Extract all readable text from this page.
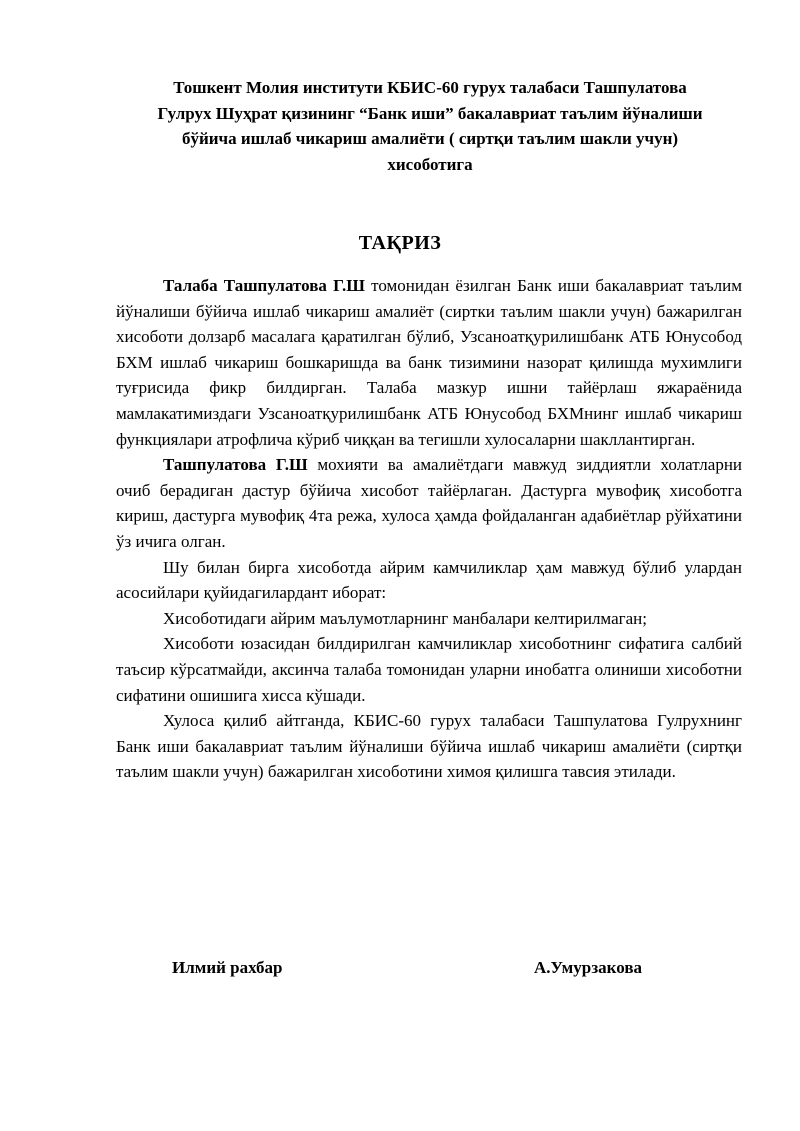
Тошкент Молия институти КБИС-60 гурух талабаси Ташпулатова
Гулрух Шуҳрат қизининг “Банк иши” бакалавриат таълим йўналиши
бўйича ишлаб чикариш амалиёти ( сиртқи таълим шакли учун)
хисоботига
ТАҚРИЗ

Талаба Ташпулатова Г.Ш томонидан ёзилган Банк иши бакалавриат таълим йўналиши бўйича ишлаб чикариш амалиёт (сиртки таълим шакли учун) бажарилган хисоботи долзарб масалага қаратилган бўлиб, Узсаноатқурилишбанк АТБ Юнусобод БХМ ишлаб чикариш бошкаришда ва банк тизимини назорат қилишда мухимлиги туғрисида фикр билдирган. Талаба мазкур ишни тайёрлаш яжараёнида мамлакатимиздаги Узсаноатқурилишбанк АТБ Юнусобод БХМнинг ишлаб чикариш функциялари атрофлича кўриб чиққан ва тегишли хулосаларни шакллантирган.

Ташпулатова Г.Ш мохияти ва амалиётдаги мавжуд зиддиятли холатларни очиб берадиган дастур бўйича хисобот тайёрлаган. Дастурга мувофиқ хисоботга кириш, дастурга мувофиқ 4та режа, хулоса ҳамда фойдаланган адабиётлар рўйхатини ўз ичига олган.

Шу билан бирга хисоботда айрим камчиликлар ҳам мавжуд бўлиб улардан асосийлари қуйидагилардант иборат:

Хисоботидаги айрим маълумотларнинг манбалари келтирилмаган;

Хисоботи юзасидан билдирилган камчиликлар хисоботнинг сифатига салбий таъсир кўрсатмайди, аксинча талаба томонидан уларни инобатга олиниши хисоботни сифатини ошишига хисса кўшади.

Хулоса қилиб айтганда, КБИС-60 гурух талабаси Ташпулатова Гулрухнинг Банк иши бакалавриат таълим йўналиши бўйича ишлаб чикариш амалиёти (сиртқи таълим шакли учун) бажарилган хисоботини химоя қилишга тавсия этилади.

Илмий рахбар	А.Умурзакова
